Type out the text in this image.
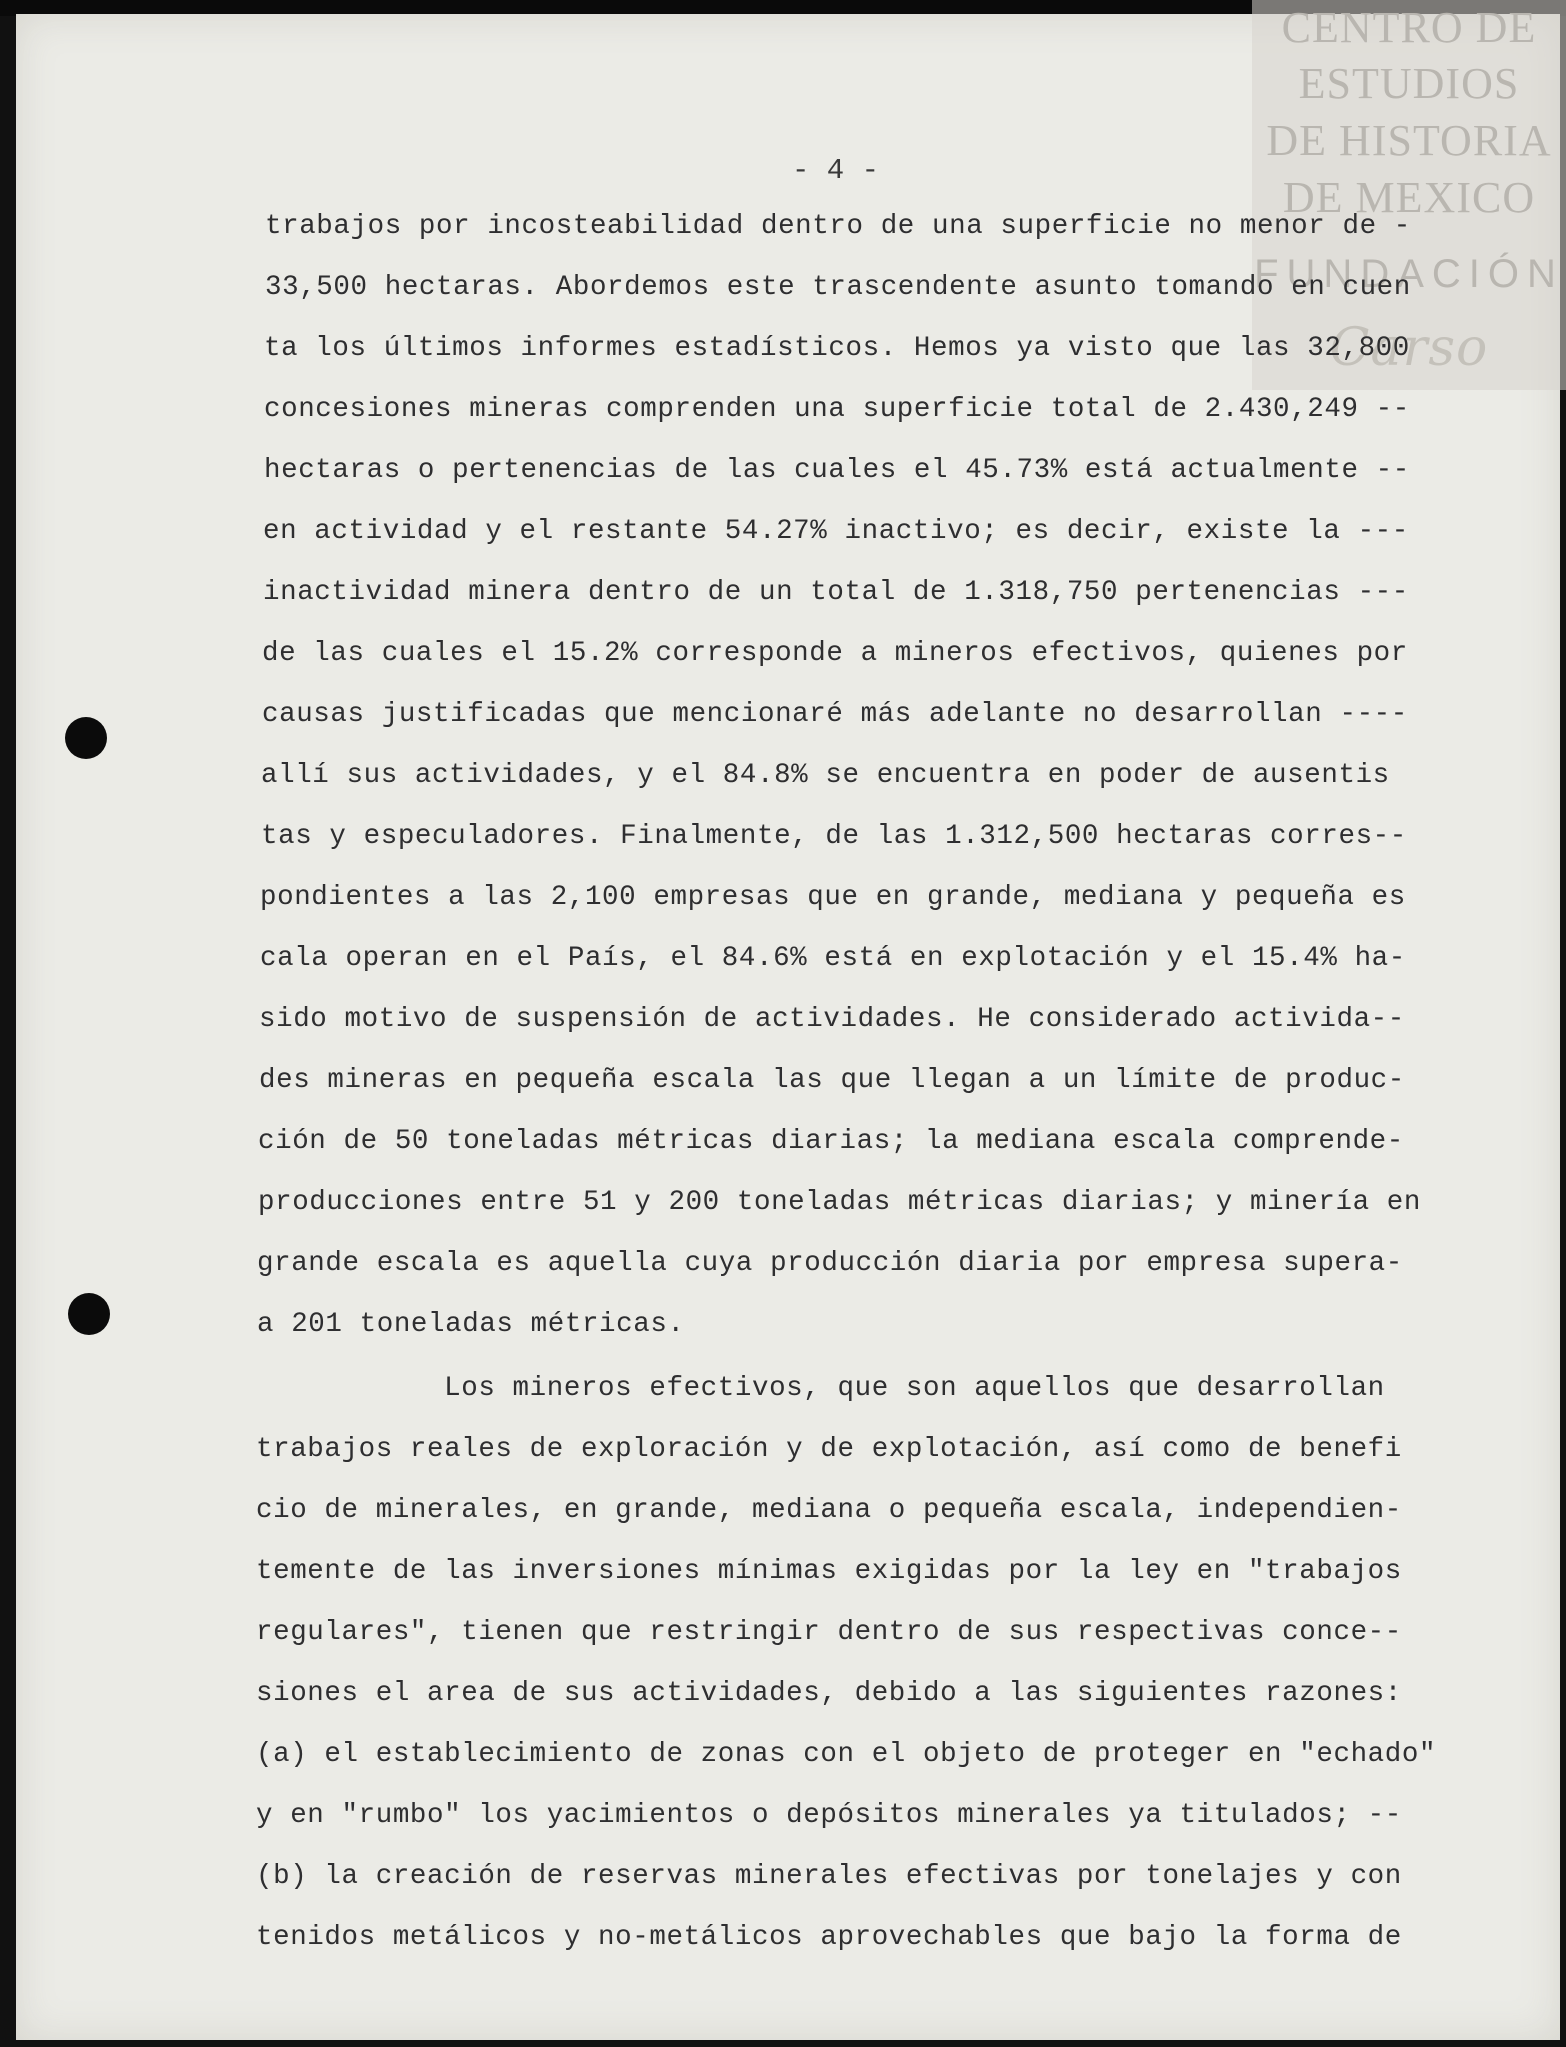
CENTRO DE
ESTUDIOS
DE HISTORIA
DE MEXICO
FUNDACIÓN
Carso
- 4 -
trabajos por incosteabilidad dentro de una superficie no menor de -
33,500 hectaras. Abordemos este trascendente asunto tomando en cuen
ta los últimos informes estadísticos. Hemos ya visto que las 32,800
concesiones mineras comprenden una superficie total de 2.430,249 --
hectaras o pertenencias de las cuales el 45.73% está actualmente --
en actividad y el restante 54.27% inactivo; es decir, existe la ---
inactividad minera dentro de un total de 1.318,750 pertenencias ---
de las cuales el 15.2% corresponde a mineros efectivos, quienes por
causas justificadas que mencionaré más adelante no desarrollan ----
allí sus actividades, y el 84.8% se encuentra en poder de ausentis
tas y especuladores. Finalmente, de las 1.312,500 hectaras corres--
pondientes a las 2,100 empresas que en grande, mediana y pequeña es
cala operan en el País, el 84.6% está en explotación y el 15.4% ha-
sido motivo de suspensión de actividades. He considerado activida--
des mineras en pequeña escala las que llegan a un límite de produc-
ción de 50 toneladas métricas diarias; la mediana escala comprende-
producciones entre 51 y 200 toneladas métricas diarias; y minería en
grande escala es aquella cuya producción diaria por empresa supera-
a 201 toneladas métricas.
Los mineros efectivos, que son aquellos que desarrollan
trabajos reales de exploración y de explotación, así como de benefi
cio de minerales, en grande, mediana o pequeña escala, independien-
temente de las inversiones mínimas exigidas por la ley en "trabajos
regulares", tienen que restringir dentro de sus respectivas conce--
siones el area de sus actividades, debido a las siguientes razones:
(a) el establecimiento de zonas con el objeto de proteger en "echado"
y en "rumbo" los yacimientos o depósitos minerales ya titulados; --
(b) la creación de reservas minerales efectivas por tonelajes y con
tenidos metálicos y no-metálicos aprovechables que bajo la forma de
